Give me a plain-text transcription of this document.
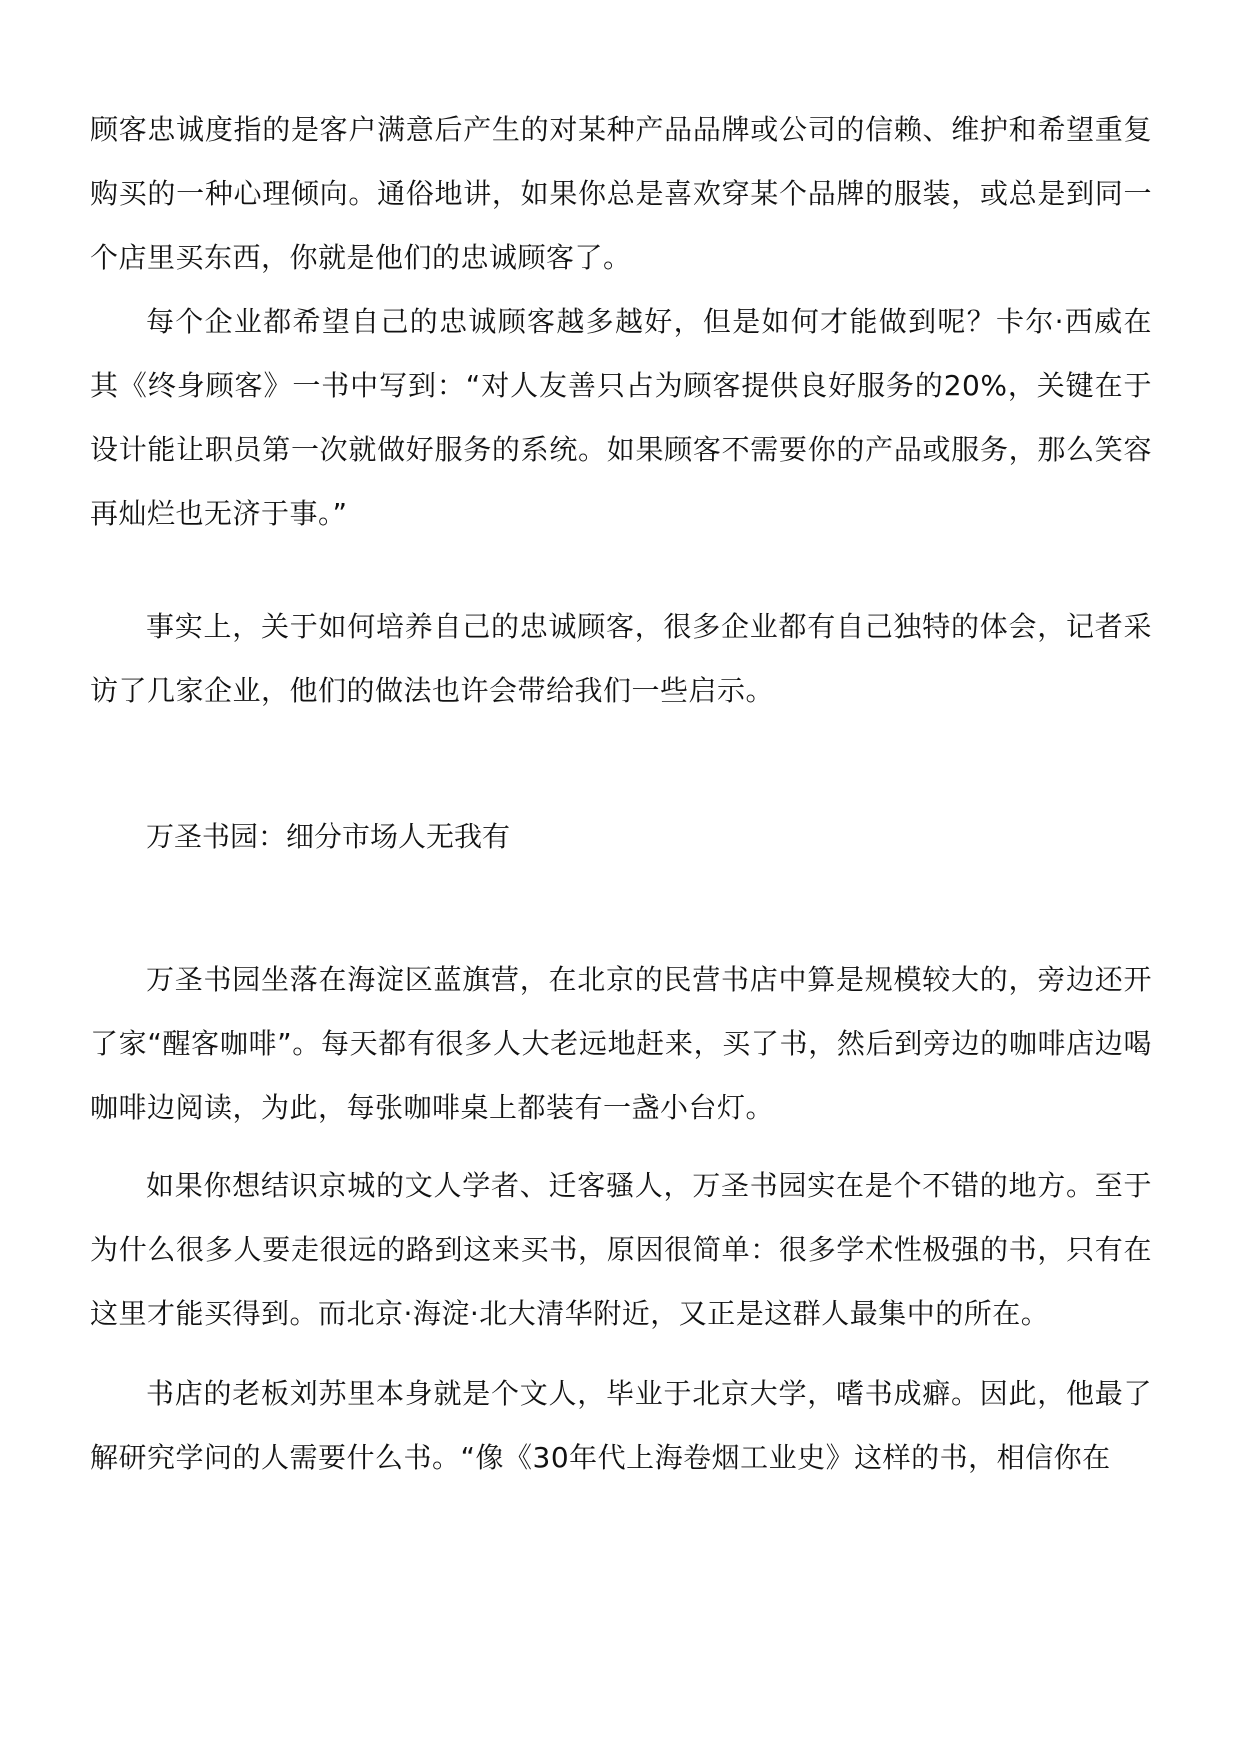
顾客忠诚度指的是客户满意后产生的对某种产品品牌或公司的信赖、维护和希望重复购买的一种心理倾向。通俗地讲，如果你总是喜欢穿某个品牌的服装，或总是到同一个店里买东西，你就是他们的忠诚顾客了。

每个企业都希望自己的忠诚顾客越多越好，但是如何才能做到呢？卡尔·西威在其《终身顾客》一书中写到：“对人友善只占为顾客提供良好服务的20%，关键在于设计能让职员第一次就做好服务的系统。如果顾客不需要你的产品或服务，那么笑容再灿烂也无济于事。”

事实上，关于如何培养自己的忠诚顾客，很多企业都有自己独特的体会，记者采访了几家企业，他们的做法也许会带给我们一些启示。

万圣书园：细分市场人无我有

万圣书园坐落在海淀区蓝旗营，在北京的民营书店中算是规模较大的，旁边还开了家“醒客咖啡”。每天都有很多人大老远地赶来，买了书，然后到旁边的咖啡店边喝咖啡边阅读，为此，每张咖啡桌上都装有一盏小台灯。

如果你想结识京城的文人学者、迁客骚人，万圣书园实在是个不错的地方。至于为什么很多人要走很远的路到这来买书，原因很简单：很多学术性极强的书，只有在这里才能买得到。而北京·海淀·北大清华附近，又正是这群人最集中的所在。

书店的老板刘苏里本身就是个文人，毕业于北京大学，嗜书成癖。因此，他最了解研究学问的人需要什么书。“像《30年代上海卷烟工业史》这样的书，相信你在
